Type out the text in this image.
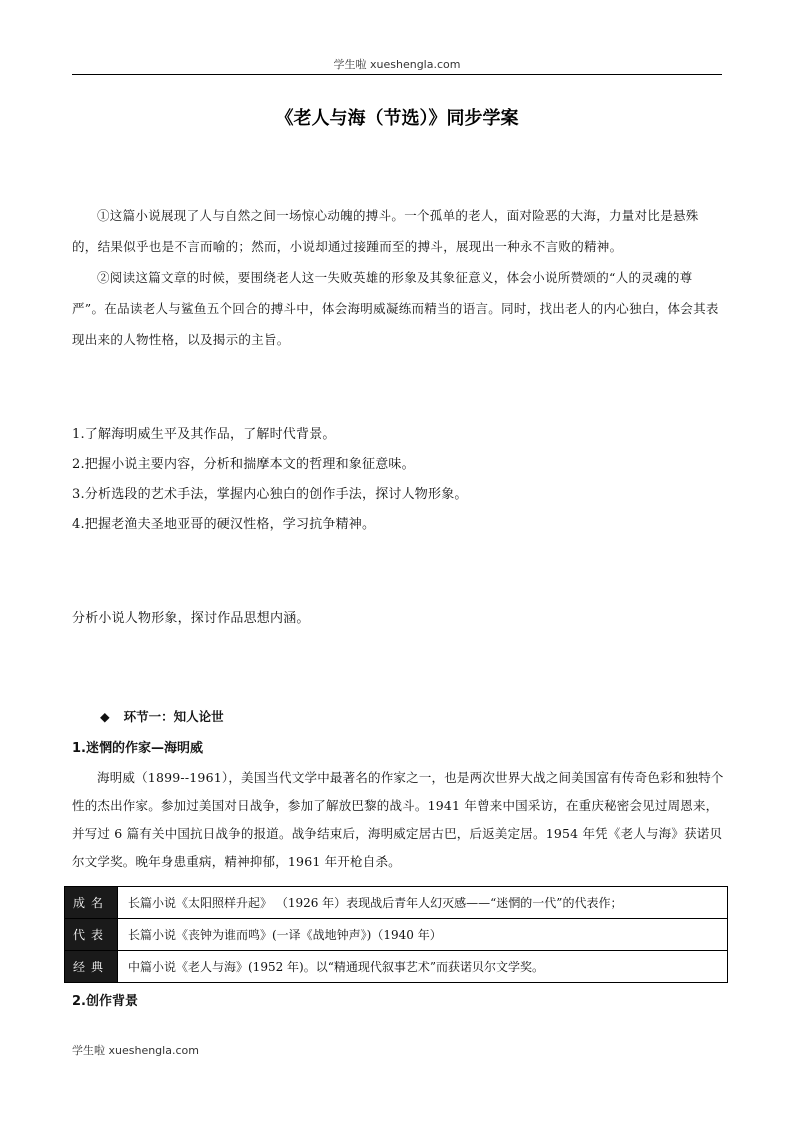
学生啦 xueshengla.com
《老人与海（节选）》同步学案

①这篇小说展现了人与自然之间一场惊心动魄的搏斗。一个孤单的老人，面对险恶的大海，力量对比是悬殊的，结果似乎也是不言而喻的；然而，小说却通过接踵而至的搏斗，展现出一种永不言败的精神。

②阅读这篇文章的时候，要围绕老人这一失败英雄的形象及其象征意义，体会小说所赞颂的“人的灵魂的尊严”。在品读老人与鲨鱼五个回合的搏斗中，体会海明威凝练而精当的语言。同时，找出老人的内心独白，体会其表现出来的人物性格，以及揭示的主旨。

1.了解海明威生平及其作品，了解时代背景。
2.把握小说主要内容，分析和揣摩本文的哲理和象征意味。
3.分析选段的艺术手法，掌握内心独白的创作手法，探讨人物形象。
4.把握老渔夫圣地亚哥的硬汉性格，学习抗争精神。
分析小说人物形象，探讨作品思想内涵。
◆ 环节一：知人论世
1.迷惘的作家—海明威

海明威（1899--1961），美国当代文学中最著名的作家之一，也是两次世界大战之间美国富有传奇色彩和独特个性的杰出作家。参加过美国对日战争，参加了解放巴黎的战斗。1941 年曾来中国采访，在重庆秘密会见过周恩来，并写过 6 篇有关中国抗日战争的报道。战争结束后，海明威定居古巴，后返美定居。1954 年凭《老人与海》获诺贝尔文学奖。晚年身患重病，精神抑郁，1961 年开枪自杀。

成名	长篇小说《太阳照样升起》 （1926 年）表现战后青年人幻灭感——“迷惘的一代”的代表作；
代表	长篇小说《丧钟为谁而鸣》(一译《战地钟声》)（1940 年）
经典	中篇小说《老人与海》(1952 年)。以“精通现代叙事艺术”而获诺贝尔文学奖。
2.创作背景
学生啦 xueshengla.com
